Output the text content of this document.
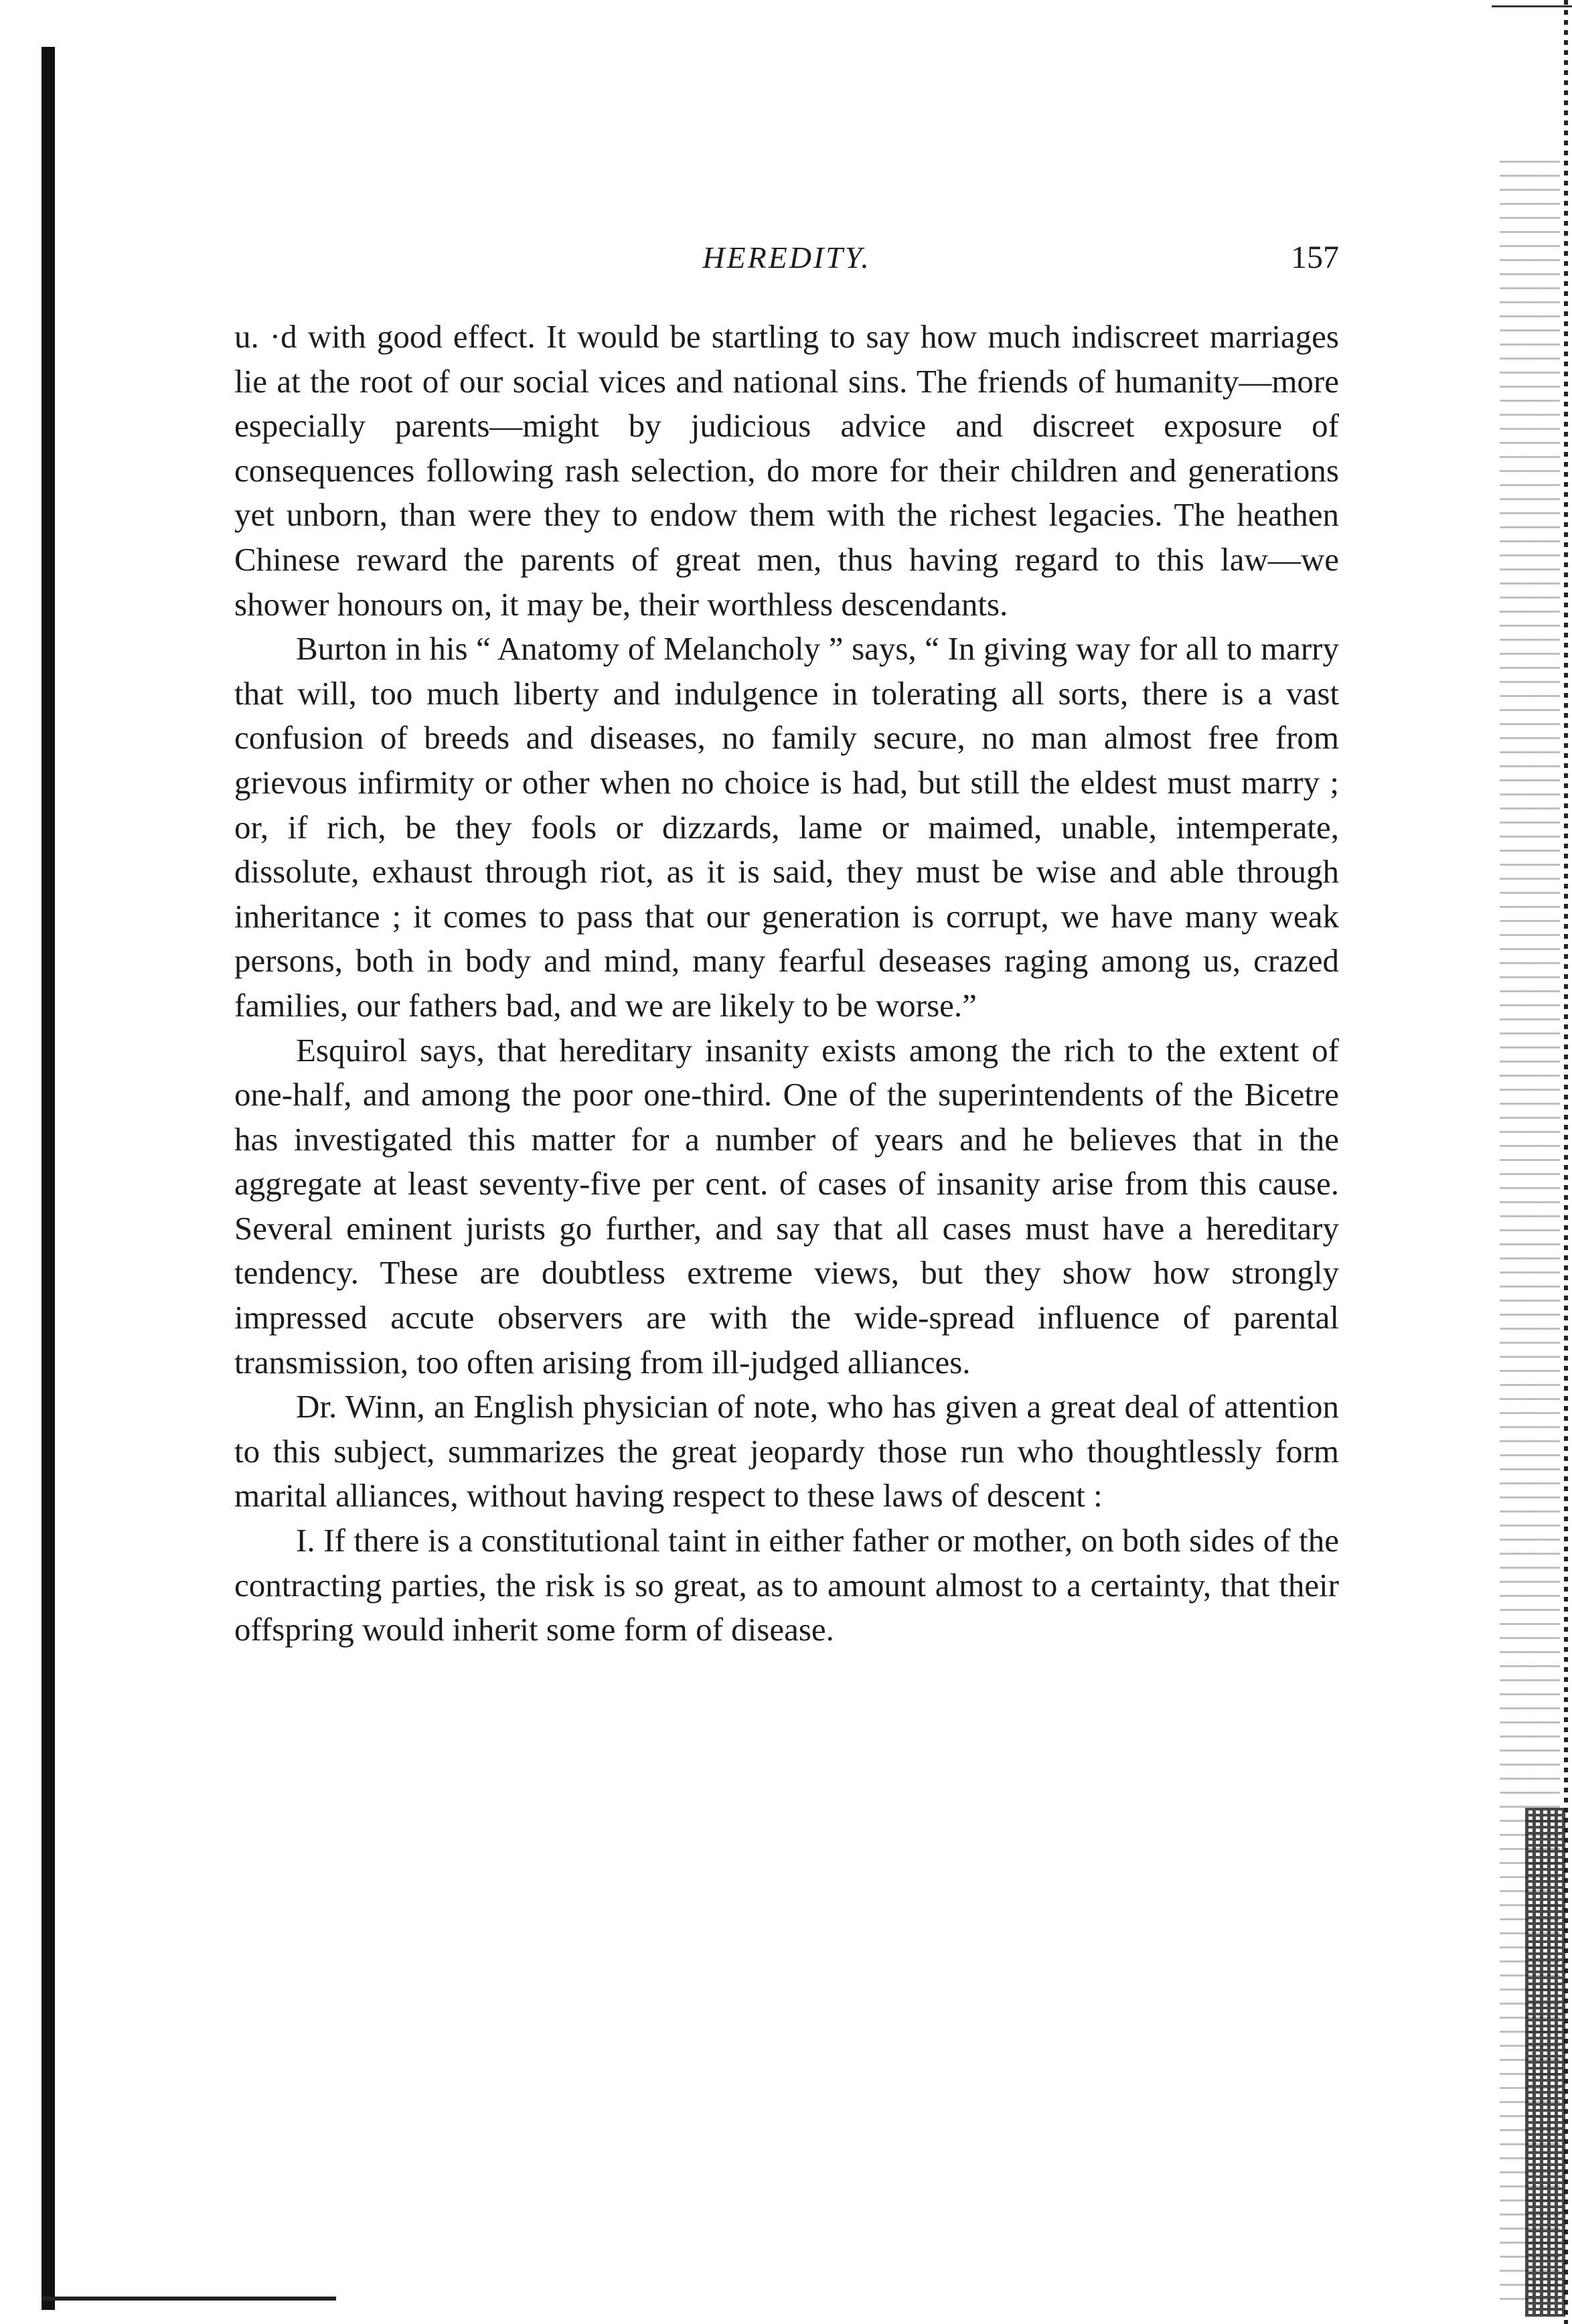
HEREDITY.	157

u. ·d with good effect. It would be startling to say how much indiscreet marriages lie at the root of our social vices and national sins. The friends of humanity—more especially parents—might by judicious advice and discreet exposure of consequences following rash selection, do more for their children and generations yet unborn, than were they to endow them with the richest legacies. The heathen Chinese reward the parents of great men, thus having regard to this law—we shower honours on, it may be, their worthless descendants.

Burton in his “ Anatomy of Melancholy ” says, “ In giving way for all to marry that will, too much liberty and indulgence in tolerating all sorts, there is a vast confusion of breeds and diseases, no family secure, no man almost free from grievous infirmity or other when no choice is had, but still the eldest must marry ; or, if rich, be they fools or dizzards, lame or maimed, unable, intemperate, dissolute, exhaust through riot, as it is said, they must be wise and able through inheritance ; it comes to pass that our generation is corrupt, we have many weak persons, both in body and mind, many fearful deseases raging among us, crazed families, our fathers bad, and we are likely to be worse.”

Esquirol says, that hereditary insanity exists among the rich to the extent of one-half, and among the poor one-third. One of the superintendents of the Bicetre has investigated this matter for a number of years and he believes that in the aggregate at least seventy-five per cent. of cases of insanity arise from this cause. Several eminent jurists go further, and say that all cases must have a hereditary tendency. These are doubtless extreme views, but they show how strongly impressed accute observers are with the wide-spread influence of parental transmission, too often arising from ill-judged alliances.

Dr. Winn, an English physician of note, who has given a great deal of attention to this subject, summarizes the great jeopardy those run who thoughtlessly form marital alliances, without having respect to these laws of descent :

I. If there is a constitutional taint in either father or mother, on both sides of the contracting parties, the risk is so great, as to amount almost to a certainty, that their offspring would inherit some form of disease.
